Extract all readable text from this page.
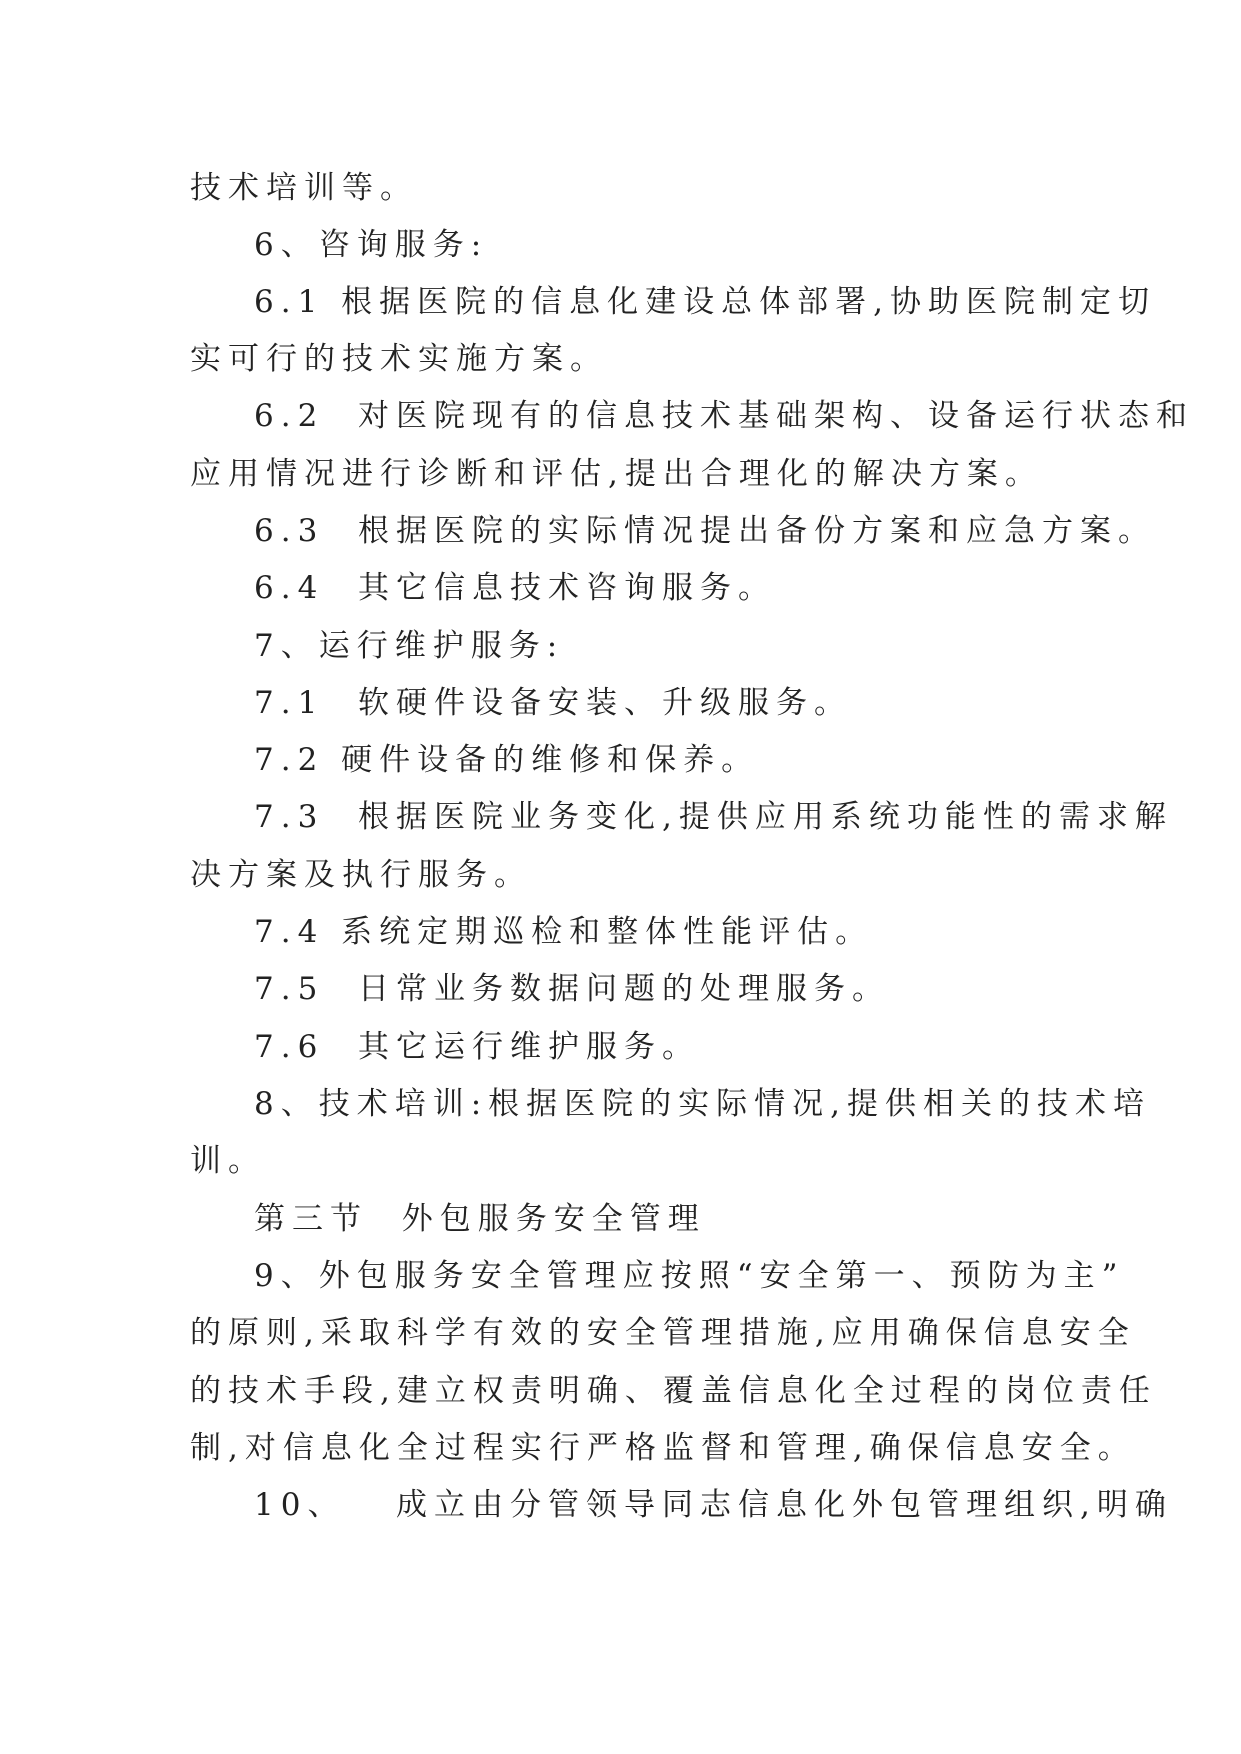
技术培训等。
6、咨询服务:
6.1 根据医院的信息化建设总体部署,协助医院制定切
实可行的技术实施方案。
6.2  对医院现有的信息技术基础架构、设备运行状态和
应用情况进行诊断和评估,提出合理化的解决方案。
6.3  根据医院的实际情况提出备份方案和应急方案。
6.4  其它信息技术咨询服务。
7、运行维护服务:
7.1  软硬件设备安装、升级服务。
7.2 硬件设备的维修和保养。
7.3  根据医院业务变化,提供应用系统功能性的需求解
决方案及执行服务。
7.4 系统定期巡检和整体性能评估。
7.5  日常业务数据问题的处理服务。
7.6  其它运行维护服务。
8、技术培训:根据医院的实际情况,提供相关的技术培
训。
第三节  外包服务安全管理
9、外包服务安全管理应按照“安全第一、预防为主”
的原则,采取科学有效的安全管理措施,应用确保信息安全
的技术手段,建立权责明确、覆盖信息化全过程的岗位责任
制,对信息化全过程实行严格监督和管理,确保信息安全。
10、   成立由分管领导同志信息化外包管理组织,明确
